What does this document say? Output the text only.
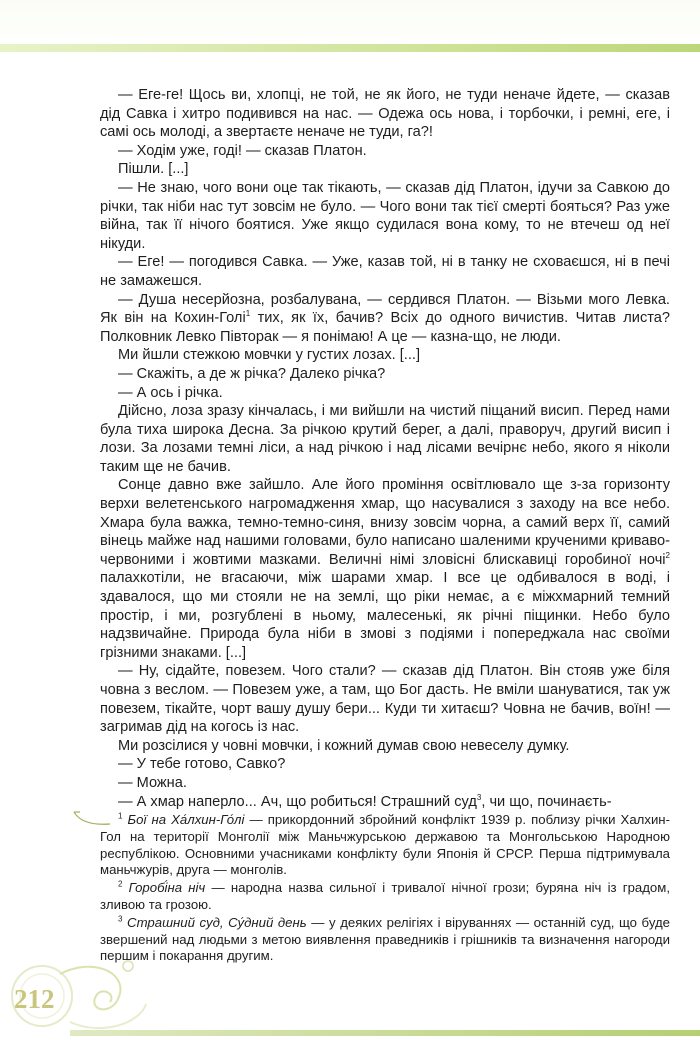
— Еге-ге! Щось ви, хлопці, не той, не як його, не туди неначе йдете, — сказав дід Савка і хитро подивився на нас. — Одежа ось нова, і торбочки, і ремні, еге, і самі ось молоді, а звертаєте неначе не туди, га?!

— Ходім уже, годі! — сказав Платон.

Пішли. [...]

— Не знаю, чого вони оце так тікають, — сказав дід Платон, ідучи за Савкою до річки, так ніби нас тут зовсім не було. — Чого вони так тієї смерті бояться? Раз уже війна, так її нічого боятися. Уже якщо судилася вона кому, то не втечеш од неї нікуди.

— Еге! — погодився Савка. — Уже, казав той, ні в танку не сховаєшся, ні в печі не замажешся.

— Душа несерйозна, розбалувана, — сердився Платон. — Візьми мого Левка. Як він на Кохин-Голі$^1$ тих, як їх, бачив? Всіх до одного вичистив. Читав листа? Полковник Левко Півторак — я понімаю! А це — казна-що, не люди.

Ми йшли стежкою мовчки у густих лозах. [...]

— Скажіть, а де ж річка? Далеко річка?

— А ось і річка.

Дійсно, лоза зразу кінчалась, і ми вийшли на чистий піщаний висип. Перед нами була тиха широка Десна. За річкою крутий берег, а далі, праворуч, другий висип і лози. За лозами темні ліси, а над річкою і над лісами вечірнє небо, якого я ніколи таким ще не бачив.

Сонце давно вже зайшло. Але його проміння освітлювало ще з-за горизонту верхи велетенського нагромадження хмар, що насувалися з заходу на все небо. Хмара була важка, темно-темно-синя, внизу зовсім чорна, а самий верх її, самий вінець майже над нашими головами, було написано шаленими крученими криваво-червоними і жовтими мазками. Величні німі зловісні блискавиці горобиної ночі$^2$ палахкотіли, не вгасаючи, між шарами хмар. І все це одбивалося в воді, і здавалося, що ми стояли не на землі, що ріки немає, а є міжхмарний темний простір, і ми, розгублені в ньому, малесенькі, як річні піщинки. Небо було надзвичайне. Природа була ніби в змові з подіями і попереджала нас своїми грізними знаками. [...]

— Ну, сідайте, повезем. Чого стали? — сказав дід Платон. Він стояв уже біля човна з веслом. — Повезем уже, а там, що Бог дасть. Не вміли шануватися, так уж повезем, тікайте, чорт вашу душу бери... Куди ти хитаєш? Човна не бачив, воїн! — загримав дід на когось із нас.

Ми розсілися у човні мовчки, і кожний думав свою невеселу думку.

— У тебе готово, Савко?

— Можна.

— А хмар наперло... Ач, що робиться! Страшний суд$^3$, чи що, починаєть-

$^1$ Бої на Ха́лхин-Го́лі — прикордонний збройний конфлікт 1939 р. поблизу річки Халхин-Гол на території Монголії між Маньчжурською державою та Монгольською Народною республікою. Основними учасниками конфлікту були Японія й СРСР. Перша підтримувала маньчжурів, друга — монголів.

$^2$ Горобі́на ніч — народна назва сильної і тривалої нічної грози; буряна ніч із градом, зливою та грозою.

$^3$ Страшний суд, Су́дний день — у деяких релігіях і віруваннях — останній суд, що буде звершений над людьми з метою виявлення праведників і грішників та визначення нагороди першим і покарання другим.

212
